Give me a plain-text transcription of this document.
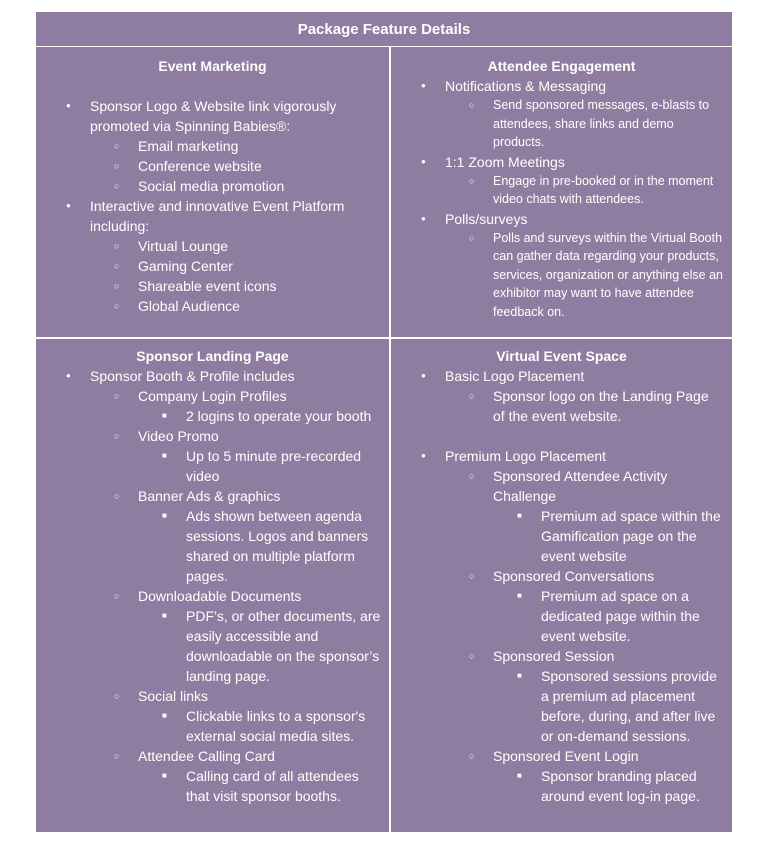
Package Feature Details
Event Marketing
● Sponsor Logo & Website link vigorously promoted via Spinning Babies®:
○ Email marketing
○ Conference website
○ Social media promotion
● Interactive and innovative Event Platform including:
○ Virtual Lounge
○ Gaming Center
○ Shareable event icons
○ Global Audience
Attendee Engagement
● Notifications & Messaging
○ Send sponsored messages, e-blasts to attendees, share links and demo products.
● 1:1 Zoom Meetings
○ Engage in pre-booked or in the moment video chats with attendees.
● Polls/surveys
○ Polls and surveys within the Virtual Booth can gather data regarding your products, services, organization or anything else an exhibitor may want to have attendee feedback on.
Sponsor Landing Page
● Sponsor Booth & Profile includes
○ Company Login Profiles
■ 2 logins to operate your booth
○ Video Promo
■ Up to 5 minute pre-recorded video
○ Banner Ads & graphics
■ Ads shown between agenda sessions. Logos and banners shared on multiple platform pages.
○ Downloadable Documents
■ PDF’s, or other documents, are easily accessible and downloadable on the sponsor’s landing page.
○ Social links
■ Clickable links to a sponsor's external social media sites.
○ Attendee Calling Card
■ Calling card of all attendees that visit sponsor booths.
Virtual Event Space
● Basic Logo Placement
○ Sponsor logo on the Landing Page of the event website.
● Premium Logo Placement
○ Sponsored Attendee Activity Challenge
■ Premium ad space within the Gamification page on the event website
○ Sponsored Conversations
■ Premium ad space on a dedicated page within the event website.
○ Sponsored Session
■ Sponsored sessions provide a premium ad placement before, during, and after live or on-demand sessions.
○ Sponsored Event Login
■ Sponsor branding placed around event log-in page.
